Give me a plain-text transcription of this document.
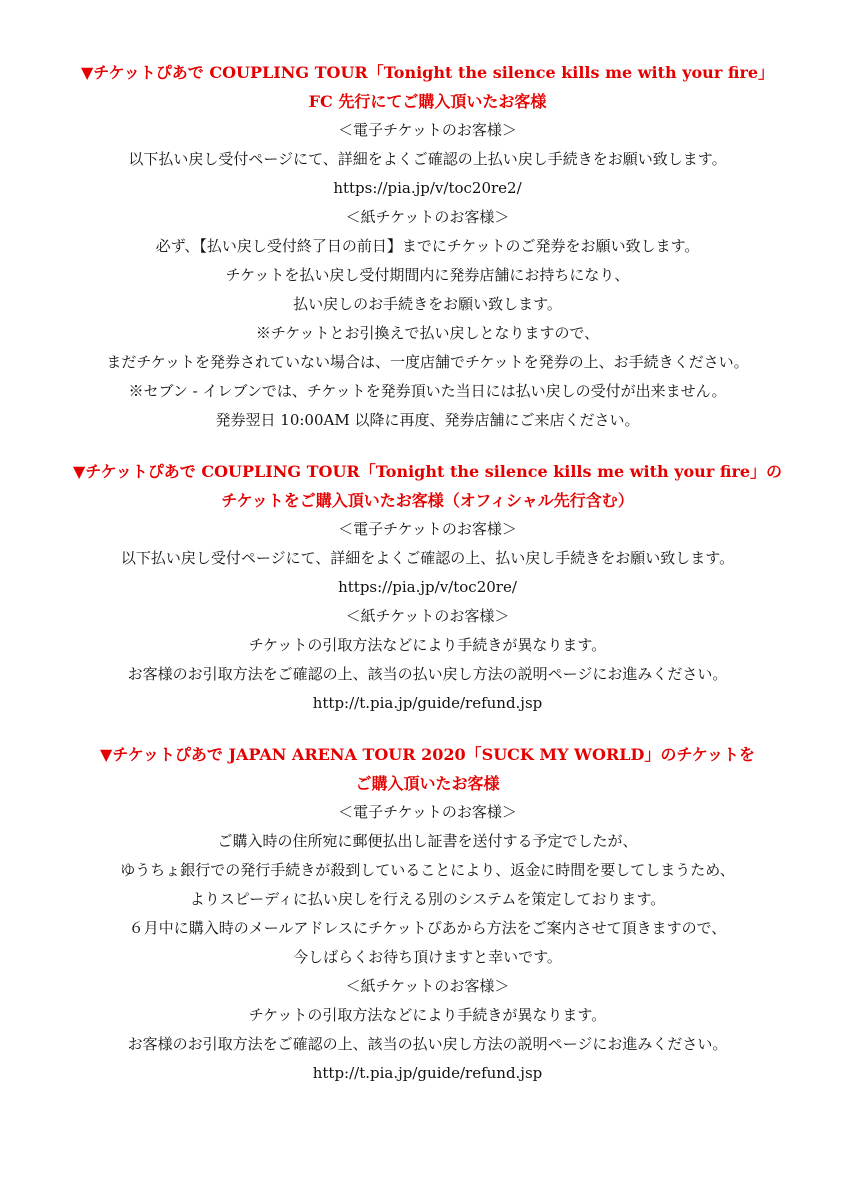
▼チケットぴあで COUPLING TOUR「Tonight the silence kills me with your fire」

FC 先行にてご購入頂いたお客様

＜電子チケットのお客様＞

以下払い戻し受付ページにて、詳細をよくご確認の上払い戻し手続きをお願い致します。

https://pia.jp/v/toc20re2/

＜紙チケットのお客様＞

必ず、【払い戻し受付終了日の前日】までにチケットのご発券をお願い致します。

チケットを払い戻し受付期間内に発券店舗にお持ちになり、

払い戻しのお手続きをお願い致します。

※チケットとお引換えで払い戻しとなりますので、

まだチケットを発券されていない場合は、一度店舗でチケットを発券の上、お手続きください。

※セブン - イレブンでは、チケットを発券頂いた当日には払い戻しの受付が出来ません。

発券翌日 10:00AM 以降に再度、発券店舗にご来店ください。

▼チケットぴあで COUPLING TOUR「Tonight the silence kills me with your fire」の

チケットをご購入頂いたお客様（オフィシャル先行含む）

＜電子チケットのお客様＞

以下払い戻し受付ページにて、詳細をよくご確認の上、払い戻し手続きをお願い致します。

https://pia.jp/v/toc20re/

＜紙チケットのお客様＞

チケットの引取方法などにより手続きが異なります。

お客様のお引取方法をご確認の上、該当の払い戻し方法の説明ページにお進みください。

http://t.pia.jp/guide/refund.jsp

▼チケットぴあで JAPAN ARENA TOUR 2020「SUCK MY WORLD」のチケットを

ご購入頂いたお客様

＜電子チケットのお客様＞

ご購入時の住所宛に郵便払出し証書を送付する予定でしたが、

ゆうちょ銀行での発行手続きが殺到していることにより、返金に時間を要してしまうため、

よりスピーディに払い戻しを行える別のシステムを策定しております。

６月中に購入時のメールアドレスにチケットぴあから方法をご案内させて頂きますので、

今しばらくお待ち頂けますと幸いです。

＜紙チケットのお客様＞

チケットの引取方法などにより手続きが異なります。

お客様のお引取方法をご確認の上、該当の払い戻し方法の説明ページにお進みください。

http://t.pia.jp/guide/refund.jsp
